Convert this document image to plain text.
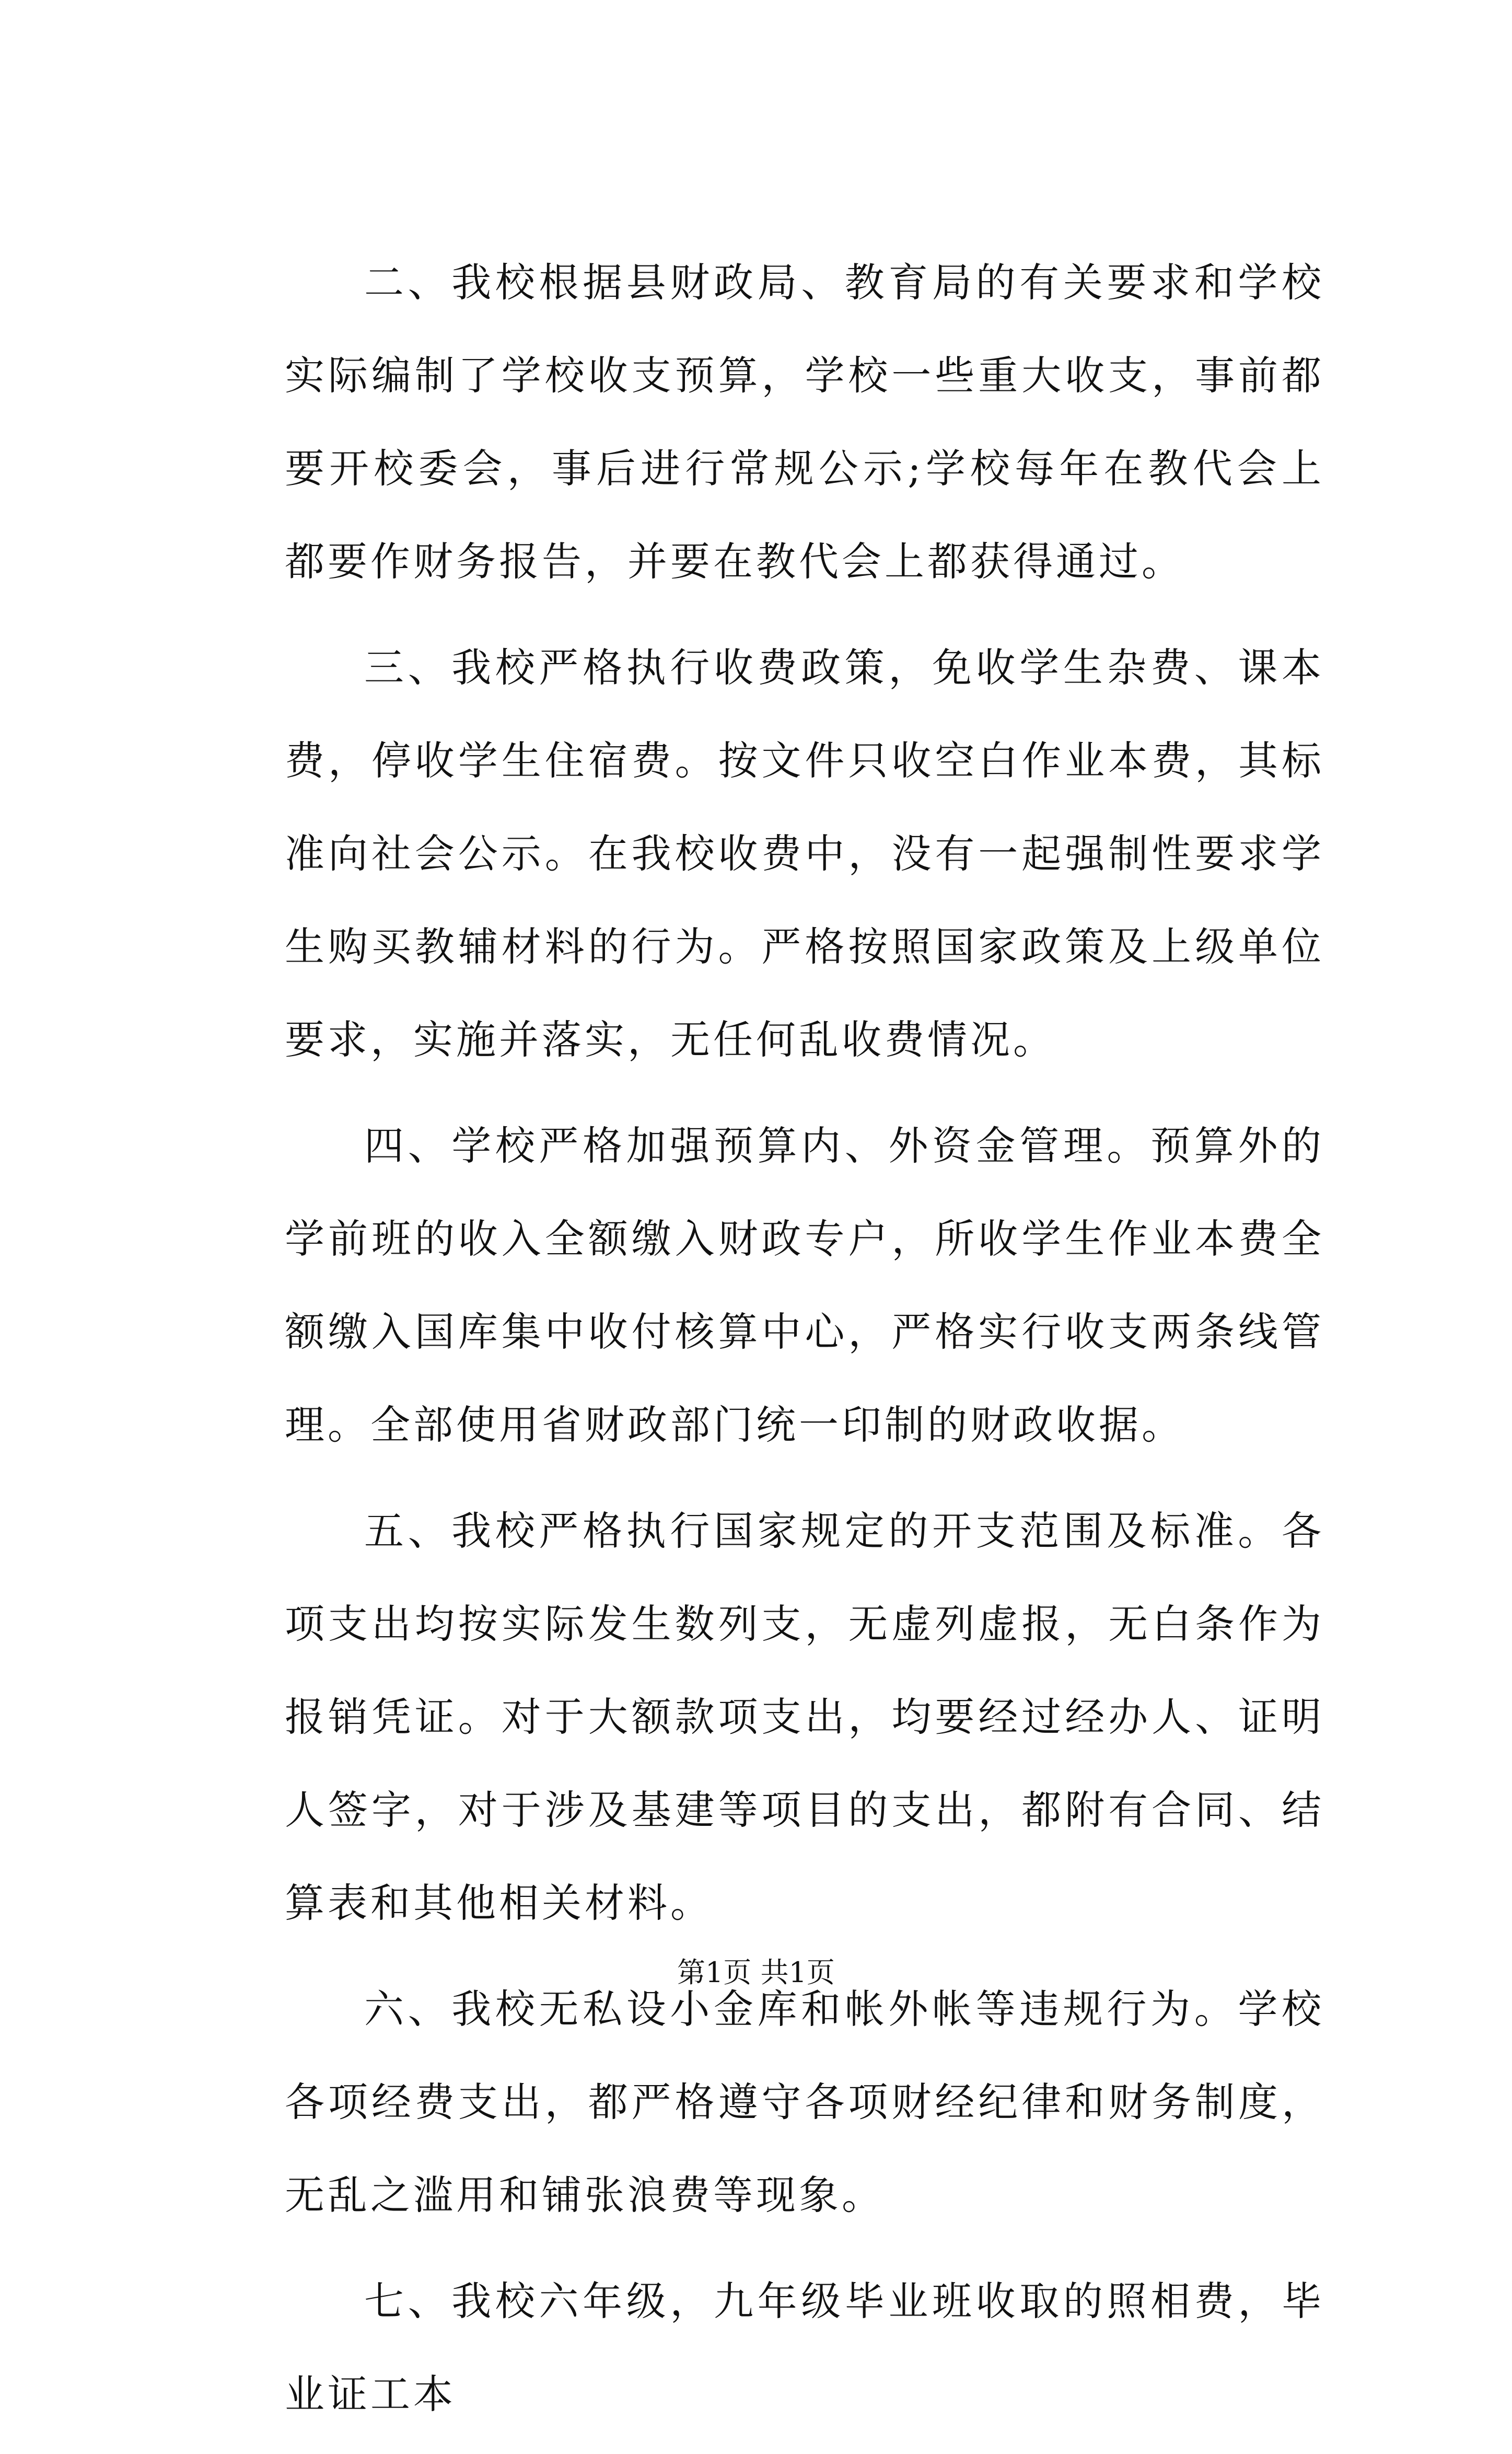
二、我校根据县财政局、教育局的有关要求和学校实际编制了学校收支预算，学校一些重大收支，事前都要开校委会，事后进行常规公示;学校每年在教代会上都要作财务报告，并要在教代会上都获得通过。

三、我校严格执行收费政策，免收学生杂费、课本费，停收学生住宿费。按文件只收空白作业本费，其标准向社会公示。在我校收费中，没有一起强制性要求学生购买教辅材料的行为。严格按照国家政策及上级单位要求，实施并落实，无任何乱收费情况。

四、学校严格加强预算内、外资金管理。预算外的学前班的收入全额缴入财政专户，所收学生作业本费全额缴入国库集中收付核算中心，严格实行收支两条线管理。全部使用省财政部门统一印制的财政收据。

五、我校严格执行国家规定的开支范围及标准。各项支出均按实际发生数列支，无虚列虚报，无白条作为报销凭证。对于大额款项支出，均要经过经办人、证明人签字，对于涉及基建等项目的支出，都附有合同、结算表和其他相关材料。

六、我校无私设小金库和帐外帐等违规行为。学校各项经费支出，都严格遵守各项财经纪律和财务制度，无乱之滥用和铺张浪费等现象。

七、我校六年级，九年级毕业班收取的照相费，毕业证工本

第1页 共1页
